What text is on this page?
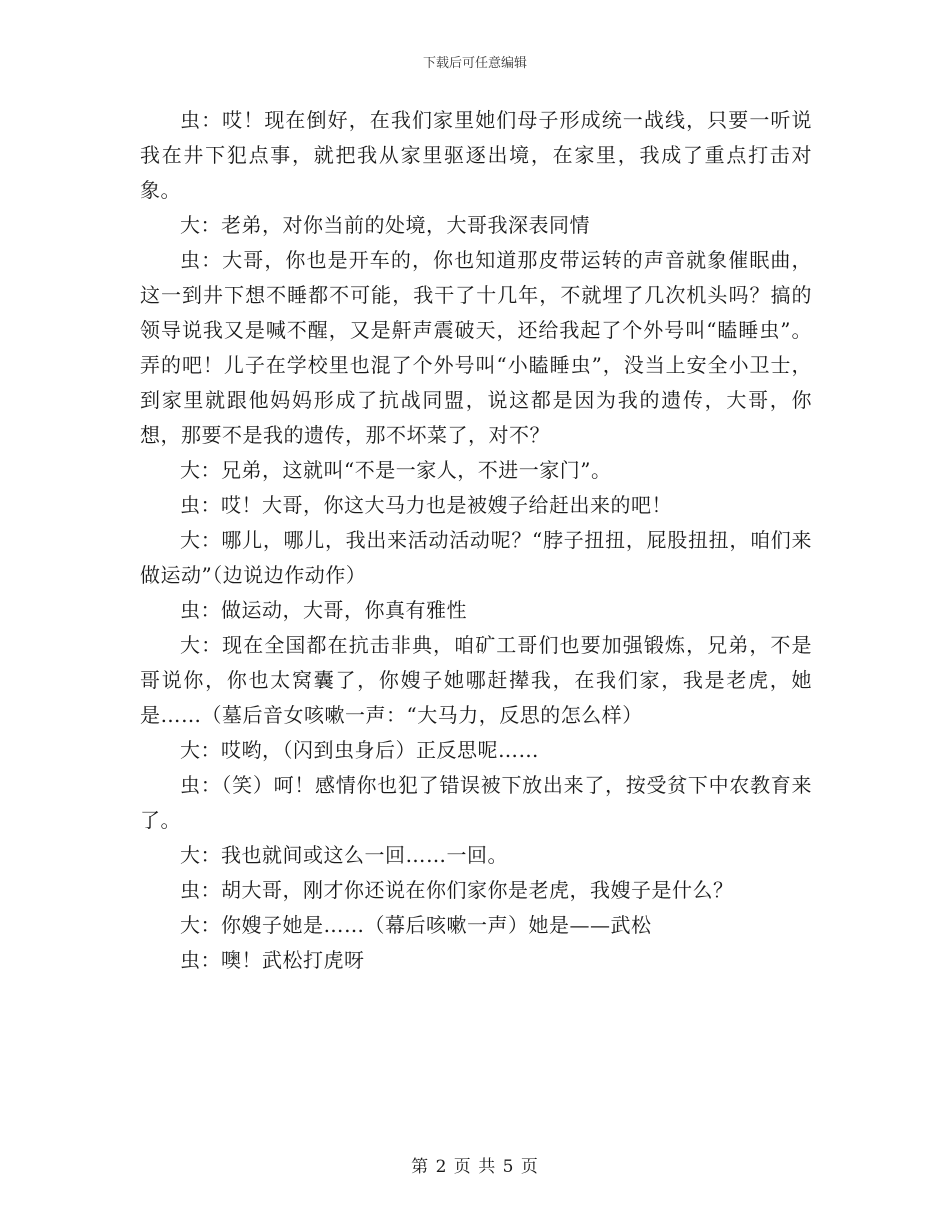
下载后可任意编辑

虫：哎！现在倒好，在我们家里她们母子形成统一战线，只要一听说我在井下犯点事，就把我从家里驱逐出境，在家里，我成了重点打击对象。

大：老弟，对你当前的处境，大哥我深表同情

虫：大哥，你也是开车的，你也知道那皮带运转的声音就象催眠曲，这一到井下想不睡都不可能，我干了十几年，不就埋了几次机头吗？搞的领导说我又是喊不醒，又是鼾声震破天，还给我起了个外号叫“瞌睡虫”。弄的吧！儿子在学校里也混了个外号叫“小瞌睡虫”，没当上安全小卫士，到家里就跟他妈妈形成了抗战同盟，说这都是因为我的遗传，大哥，你想，那要不是我的遗传，那不坏菜了，对不？

大：兄弟，这就叫“不是一家人，不进一家门”。

虫：哎！大哥，你这大马力也是被嫂子给赶出来的吧！

大：哪儿，哪儿，我出来活动活动呢？“脖子扭扭，屁股扭扭，咱们来做运动”（边说边作动作）

虫：做运动，大哥，你真有雅性

大：现在全国都在抗击非典，咱矿工哥们也要加强锻炼，兄弟，不是哥说你，你也太窝囊了，你嫂子她哪赶撵我，在我们家，我是老虎，她是……（墓后音女咳嗽一声：“大马力，反思的怎么样）

大：哎哟，（闪到虫身后）正反思呢……

虫：（笑）呵！感情你也犯了错误被下放出来了，按受贫下中农教育来了。

大：我也就间或这么一回……一回。

虫：胡大哥，刚才你还说在你们家你是老虎，我嫂子是什么？

大：你嫂子她是……（幕后咳嗽一声）她是——武松

虫：噢！武松打虎呀

第 2 页 共 5 页
